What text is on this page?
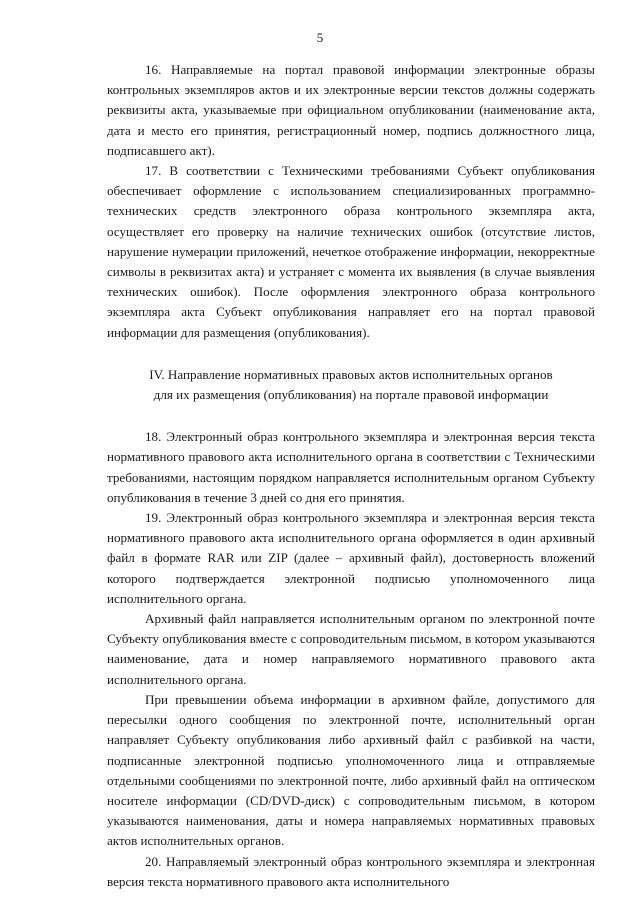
5

16. Направляемые на портал правовой информации электронные образы контрольных экземпляров актов и их электронные версии текстов должны содержать реквизиты акта, указываемые при официальном опубликовании (наименование акта, дата и место его принятия, регистрационный номер, подпись должностного лица, подписавшего акт).

17. В соответствии с Техническими требованиями Субъект опубликования обеспечивает оформление с использованием специализированных программно-технических средств электронного образа контрольного экземпляра акта, осуществляет его проверку на наличие технических ошибок (отсутствие листов, нарушение нумерации приложений, нечеткое отображение информации, некорректные символы в реквизитах акта) и устраняет с момента их выявления (в случае выявления технических ошибок). После оформления электронного образа контрольного экземпляра акта Субъект опубликования направляет его на портал правовой информации для размещения (опубликования).

IV. Направление нормативных правовых актов исполнительных органов для их размещения (опубликования) на портале правовой информации

18. Электронный образ контрольного экземпляра и электронная версия текста нормативного правового акта исполнительного органа в соответствии с Техническими требованиями, настоящим порядком направляется исполнительным органом Субъекту опубликования в течение 3 дней со дня его принятия.

19. Электронный образ контрольного экземпляра и электронная версия текста нормативного правового акта исполнительного органа оформляется в один архивный файл в формате RAR или ZIP (далее – архивный файл), достоверность вложений которого подтверждается электронной подписью уполномоченного лица исполнительного органа.

Архивный файл направляется исполнительным органом по электронной почте Субъекту опубликования вместе с сопроводительным письмом, в котором указываются наименование, дата и номер направляемого нормативного правового акта исполнительного органа.

При превышении объема информации в архивном файле, допустимого для пересылки одного сообщения по электронной почте, исполнительный орган направляет Субъекту опубликования либо архивный файл с разбивкой на части, подписанные электронной подписью уполномоченного лица и отправляемые отдельными сообщениями по электронной почте, либо архивный файл на оптическом носителе информации (CD/DVD-диск) с сопроводительным письмом, в котором указываются наименования, даты и номера направляемых нормативных правовых актов исполнительных органов.

20. Направляемый электронный образ контрольного экземпляра и электронная версия текста нормативного правового акта исполнительного
